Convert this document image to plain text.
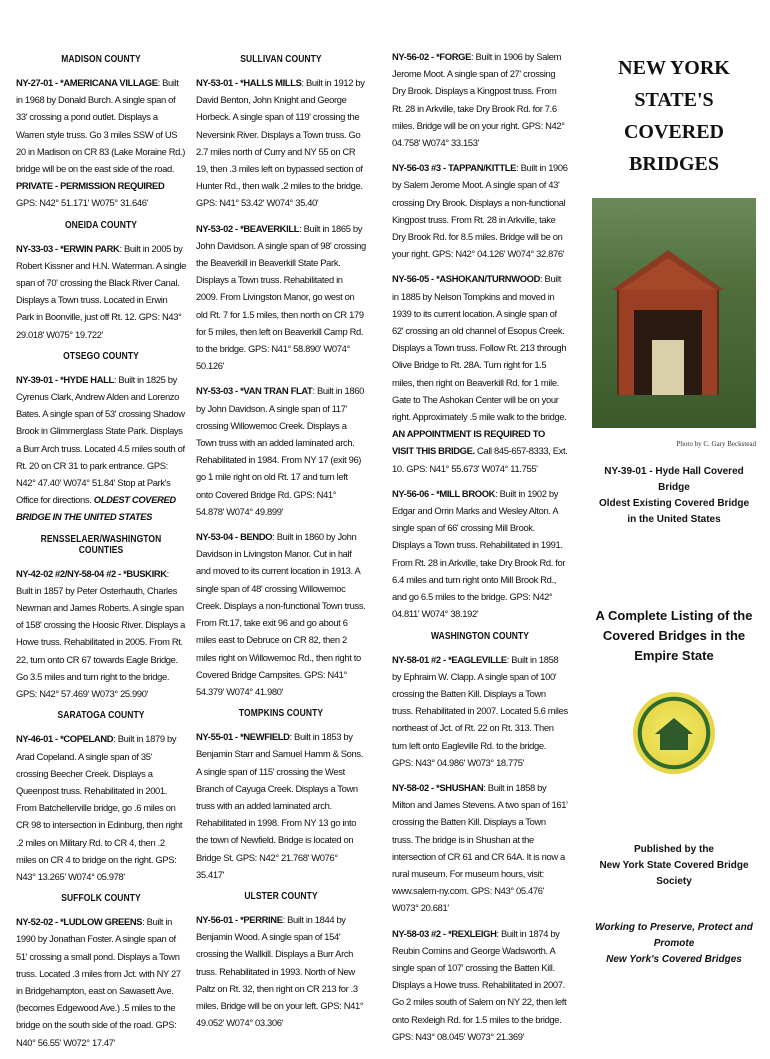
MADISON COUNTY
NY-27-01 - *AMERICANA VILLAGE: Built in 1968 by Donald Burch. A single span of 33' crossing a pond outlet. Displays a Warren style truss. Go 3 miles SSW of US 20 in Madison on CR 83 (Lake Moraine Rd.) bridge will be on the east side of the road. PRIVATE - PERMISSION REQUIRED GPS: N42° 51.171' W075° 31.646'
ONEIDA COUNTY
NY-33-03 - *ERWIN PARK: Built in 2005 by Robert Kissner and H.N. Waterman. A single span of 70' crossing the Black River Canal. Displays a Town truss. Located in Erwin Park in Boonville, just off Rt. 12. GPS: N43° 29.018' W075° 19.722'
OTSEGO COUNTY
NY-39-01 - *HYDE HALL: Built in 1825 by Cyrenus Clark, Andrew Alden and Lorenzo Bates. A single span of 53' crossing Shadow Brook in Glimmerglass State Park. Displays a Burr Arch truss. Located 4.5 miles south of Rt. 20 on CR 31 to park entrance. GPS: N42° 47.40' W074° 51.84' Stop at Park's Office for directions. OLDEST COVERED BRIDGE IN THE UNITED STATES
RENSSELAER/WASHINGTON COUNTIES
NY-42-02 #2/NY-58-04 #2 - *BUSKIRK: Built in 1857 by Peter Osterhauth, Charles Newman and James Roberts. A single span of 158' crossing the Hoosic River. Displays a Howe truss. Rehabilitated in 2005. From Rt. 22, turn onto CR 67 towards Eagle Bridge. Go 3.5 miles and turn right to the bridge. GPS: N42° 57.469' W073° 25.990'
SARATOGA COUNTY
NY-46-01 - *COPELAND: Built in 1879 by Arad Copeland. A single span of 35' crossing Beecher Creek. Displays a Queenpost truss. Rehabilitated in 2001. From Batchellerville bridge, go .6 miles on CR 98 to intersection in Edinburg, then right .2 miles on Military Rd. to CR 4, then .2 miles on CR 4 to bridge on the right. GPS: N43° 13.265' W074° 05.978'
SUFFOLK COUNTY
NY-52-02 - *LUDLOW GREENS: Built in 1990 by Jonathan Foster. A single span of 51' crossing a small pond. Displays a Town truss. Located .3 miles from Jct. with NY 27 in Bridgehampton, east on Sawasett Ave. (becomes Edgewood Ave.) .5 miles to the bridge on the south side of the road. GPS: N40° 56.55' W072° 17.47'
SULLIVAN COUNTY
NY-53-01 - *HALLS MILLS: Built in 1912 by David Benton, John Knight and George Horbeck. A single span of 119' crossing the Neversink River. Displays a Town truss. Go 2.7 miles north of Curry and NY 55 on CR 19, then .3 miles left on bypassed section of Hunter Rd., then walk .2 miles to the bridge. GPS: N41° 53.42' W074° 35.40'
NY-53-02 - *BEAVERKILL: Built in 1865 by John Davidson. A single span of 98' crossing the Beaverkill in Beaverkill State Park. Displays a Town truss. Rehabilitated in 2009. From Livingston Manor, go west on old Rt. 7 for 1.5 miles, then north on CR 179 for 5 miles, then left on Beaverkill Camp Rd. to the bridge. GPS: N41° 58.890' W074° 50.126'
NY-53-03 - *VAN TRAN FLAT: Built in 1860 by John Davidson. A single span of 117' crossing Willowemoc Creek. Displays a Town truss with an added laminated arch. Rehabilitated in 1984. From NY 17 (exit 96) go 1 mile right on old Rt. 17 and turn left onto Covered Bridge Rd. GPS: N41° 54.878' W074° 49.899'
NY-53-04 - BENDO: Built in 1860 by John Davidson in Livingston Manor. Cut in half and moved to its current location in 1913. A single span of 48' crossing Willowemoc Creek. Displays a non-functional Town truss. From Rt.17, take exit 96 and go about 6 miles east to Debruce on CR 82, then 2 miles right on Willowemoc Rd., then right to Covered Bridge Campsites. GPS: N41° 54.379' W074° 41.980'
TOMPKINS COUNTY
NY-55-01 - *NEWFIELD: Built in 1853 by Benjamin Starr and Samuel Hamm & Sons. A single span of 115' crossing the West Branch of Cayuga Creek. Displays a Town truss with an added laminated arch. Rehabilitated in 1998. From NY 13 go into the town of Newfield. Bridge is located on Bridge St. GPS: N42° 21.768' W076° 35.417'
ULSTER COUNTY
NY-56-01 - *PERRINE: Built in 1844 by Benjamin Wood. A single span of 154' crossing the Wallkill. Displays a Burr Arch truss. Rehabilitated in 1993. North of New Paltz on Rt. 32, then right on CR 213 for .3 miles. Bridge will be on your left. GPS: N41° 49.052' W074° 03.306'
NY-56-02 - *FORGE: Built in 1906 by Salem Jerome Moot. A single span of 27' crossing Dry Brook. Displays a Kingpost truss. From Rt. 28 in Arkville, take Dry Brook Rd. for 7.6 miles. Bridge will be on your right. GPS: N42° 04.758' W074° 33.153'
NY-56-03 #3 - TAPPAN/KITTLE: Built in 1906 by Salem Jerome Moot. A single span of 43' crossing Dry Brook. Displays a non-functional Kingpost truss. From Rt. 28 in Arkville, take Dry Brook Rd. for 8.5 miles. Bridge will be on your right. GPS: N42° 04.126' W074° 32.876'
NY-56-05 - *ASHOKAN/TURNWOOD: Built in 1885 by Nelson Tompkins and moved in 1939 to its current location. A single span of 62' crossing an old channel of Esopus Creek. Displays a Town truss. Follow Rt. 213 through Olive Bridge to Rt. 28A. Turn right for 1.5 miles, then right on Beaverkill Rd. for 1 mile. Gate to The Ashokan Center will be on your right. Approximately .5 mile walk to the bridge. AN APPOINTMENT IS REQUIRED TO VISIT THIS BRIDGE. Call 845-657-8333, Ext. 10. GPS: N41° 55.673' W074° 11.755'
NY-56-06 - *MILL BROOK: Built in 1902 by Edgar and Orrin Marks and Wesley Alton. A single span of 66' crossing Mill Brook. Displays a Town truss. Rehabilitated in 1991. From Rt. 28 in Arkville, take Dry Brook Rd. for 6.4 miles and turn right onto Mill Brook Rd., and go 6.5 miles to the bridge. GPS: N42° 04.811' W074° 38.192'
WASHINGTON COUNTY
NY-58-01 #2 - *EAGLEVILLE: Built in 1858 by Ephraim W. Clapp. A single span of 100' crossing the Batten Kill. Displays a Town truss. Rehabilitated in 2007. Located 5.6 miles northeast of Jct. of Rt. 22 on Rt. 313. Then turn left onto Eagleville Rd. to the bridge. GPS: N43° 04.986' W073° 18.775'
NY-58-02 - *SHUSHAN: Built in 1858 by Milton and James Stevens. A two span of 161' crossing the Batten Kill. Displays a Town truss. The bridge is in Shushan at the intersection of CR 61 and CR 64A. It is now a rural museum. For museum hours, visit: www.salem-ny.com. GPS: N43° 05.476' W073° 20.681'
NY-58-03 #2 - *REXLEIGH: Built in 1874 by Reubin Comins and George Wadsworth. A single span of 107' crossing the Batten Kill. Displays a Howe truss. Rehabilitated in 2007. Go 2 miles south of Salem on NY 22, then left onto Rexleigh Rd. for 1.5 miles to the bridge. GPS: N43° 08.045' W073° 21.369'
NEW YORK STATE'S
COVERED BRIDGES
Photo by C. Gary Beckstead
NY-39-01 - Hyde Hall Covered Bridge
Oldest Existing Covered Bridge
in the United States
A Complete Listing of the
Covered Bridges in the Empire State
Published by the
New York State Covered Bridge Society
Working to Preserve, Protect and Promote
New York's Covered Bridges
